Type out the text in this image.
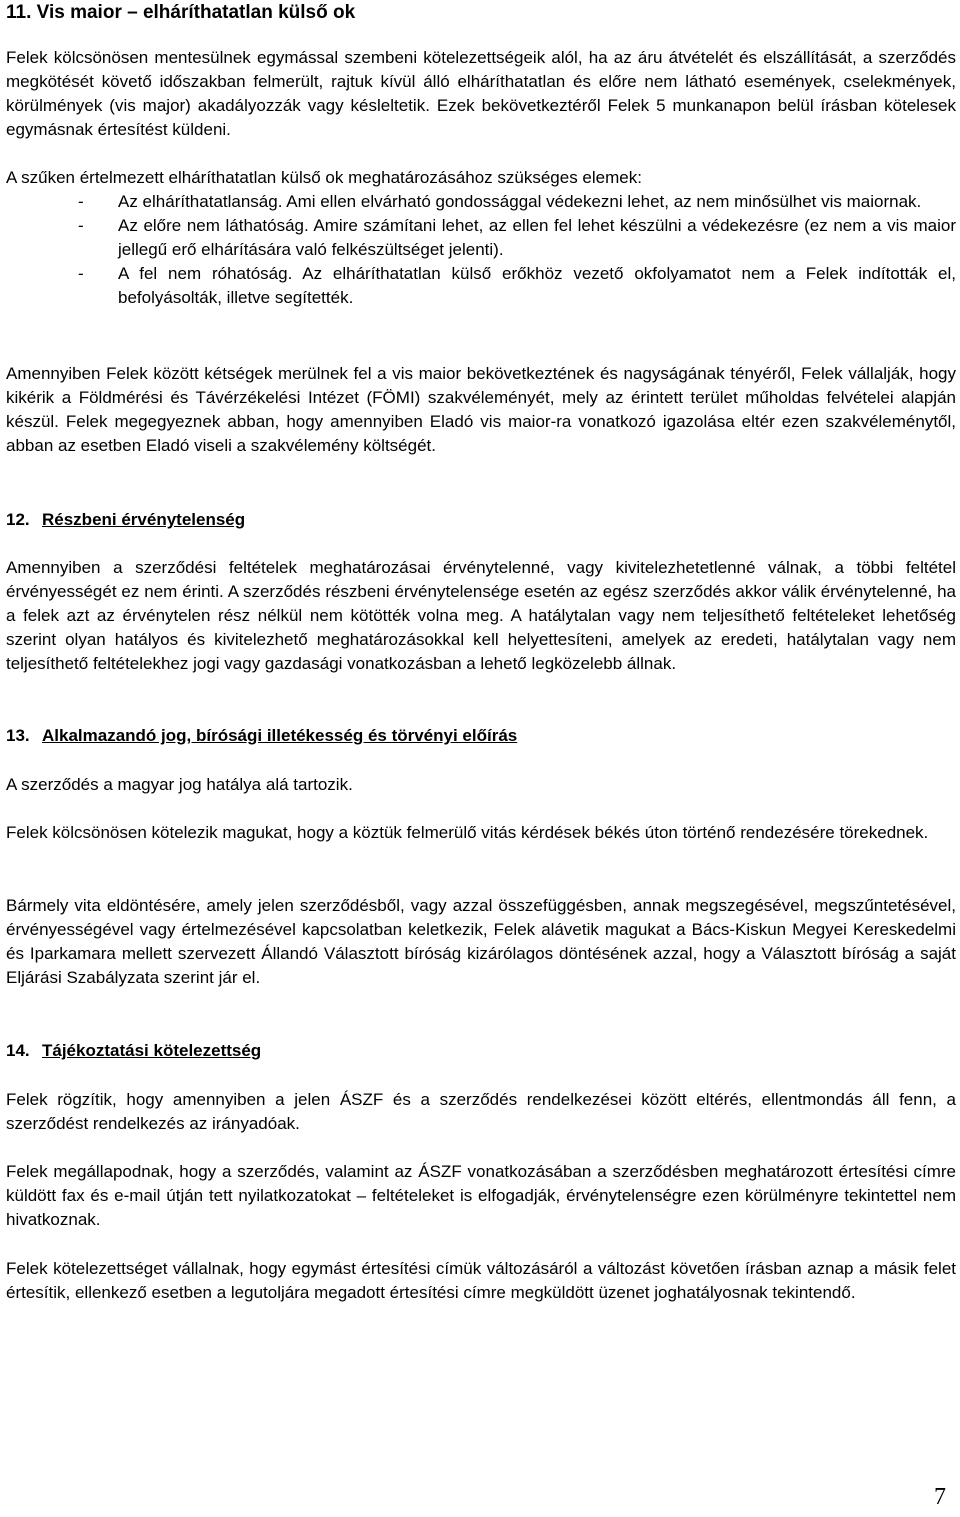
11. Vis maior – elháríthatatlan külső ok

Felek kölcsönösen mentesülnek egymással szembeni kötelezettségeik alól, ha az áru átvételét és elszállítását, a szerződés megkötését követő időszakban felmerült, rajtuk kívül álló elháríthatatlan és előre nem látható események, cselekmények, körülmények (vis major) akadályozzák vagy késleltetik. Ezek bekövetkeztéről Felek 5 munkanapon belül írásban kötelesek egymásnak értesítést küldeni.

A szűken értelmezett elháríthatatlan külső ok meghatározásához szükséges elemek:

- Az elháríthatatlanság. Ami ellen elvárható gondossággal védekezni lehet, az nem minősülhet vis maiornak.
- Az előre nem láthatóság. Amire számítani lehet, az ellen fel lehet készülni a védekezésre (ez nem a vis maior jellegű erő elhárítására való felkészültséget jelenti).
- A fel nem róhatóság. Az elháríthatatlan külső erőkhöz vezető okfolyamatot nem a Felek indították el, befolyásolták, illetve segítették.

Amennyiben Felek között kétségek merülnek fel a vis maior bekövetkeztének és nagyságának tényéről, Felek vállalják, hogy kikérik a Földmérési és Távérzékelési Intézet (FÖMI) szakvéleményét, mely az érintett terület műholdas felvételei alapján készül. Felek megegyeznek abban, hogy amennyiben Eladó vis maior-ra vonatkozó igazolása eltér ezen szakvéleménytől, abban az esetben Eladó viseli a szakvélemény költségét.

12. Részbeni érvénytelenség

Amennyiben a szerződési feltételek meghatározásai érvénytelenné, vagy kivitelezhetetlenné válnak, a többi feltétel érvényességét ez nem érinti. A szerződés részbeni érvénytelensége esetén az egész szerződés akkor válik érvénytelenné, ha a felek azt az érvénytelen rész nélkül nem kötötték volna meg. A hatálytalan vagy nem teljesíthető feltételeket lehetőség szerint olyan hatályos és kivitelezhető meghatározásokkal kell helyettesíteni, amelyek az eredeti, hatálytalan vagy nem teljesíthető feltételekhez jogi vagy gazdasági vonatkozásban a lehető legközelebb állnak.

13. Alkalmazandó jog, bírósági illetékesség és törvényi előírás

A szerződés a magyar jog hatálya alá tartozik.

Felek kölcsönösen kötelezik magukat, hogy a köztük felmerülő vitás kérdések békés úton történő rendezésére törekednek.

Bármely vita eldöntésére, amely jelen szerződésből, vagy azzal összefüggésben, annak megszegésével, megszűntetésével, érvényességével vagy értelmezésével kapcsolatban keletkezik, Felek alávetik magukat a Bács-Kiskun Megyei Kereskedelmi és Iparkamara mellett szervezett Állandó Választott bíróság kizárólagos döntésének azzal, hogy a Választott bíróság a saját Eljárási Szabályzata szerint jár el.

14. Tájékoztatási kötelezettség

Felek rögzítik, hogy amennyiben a jelen ÁSZF és a szerződés rendelkezései között eltérés, ellentmondás áll fenn, a szerződést rendelkezés az irányadóak.

Felek megállapodnak, hogy a szerződés, valamint az ÁSZF vonatkozásában a szerződésben meghatározott értesítési címre küldött fax és e-mail útján tett nyilatkozatokat – feltételeket is elfogadják, érvénytelenségre ezen körülményre tekintettel nem hivatkoznak.

Felek kötelezettséget vállalnak, hogy egymást értesítési címük változásáról a változást követően írásban aznap a másik felet értesítik, ellenkező esetben a legutoljára megadott értesítési címre megküldött üzenet joghatályosnak tekintendő.

7
